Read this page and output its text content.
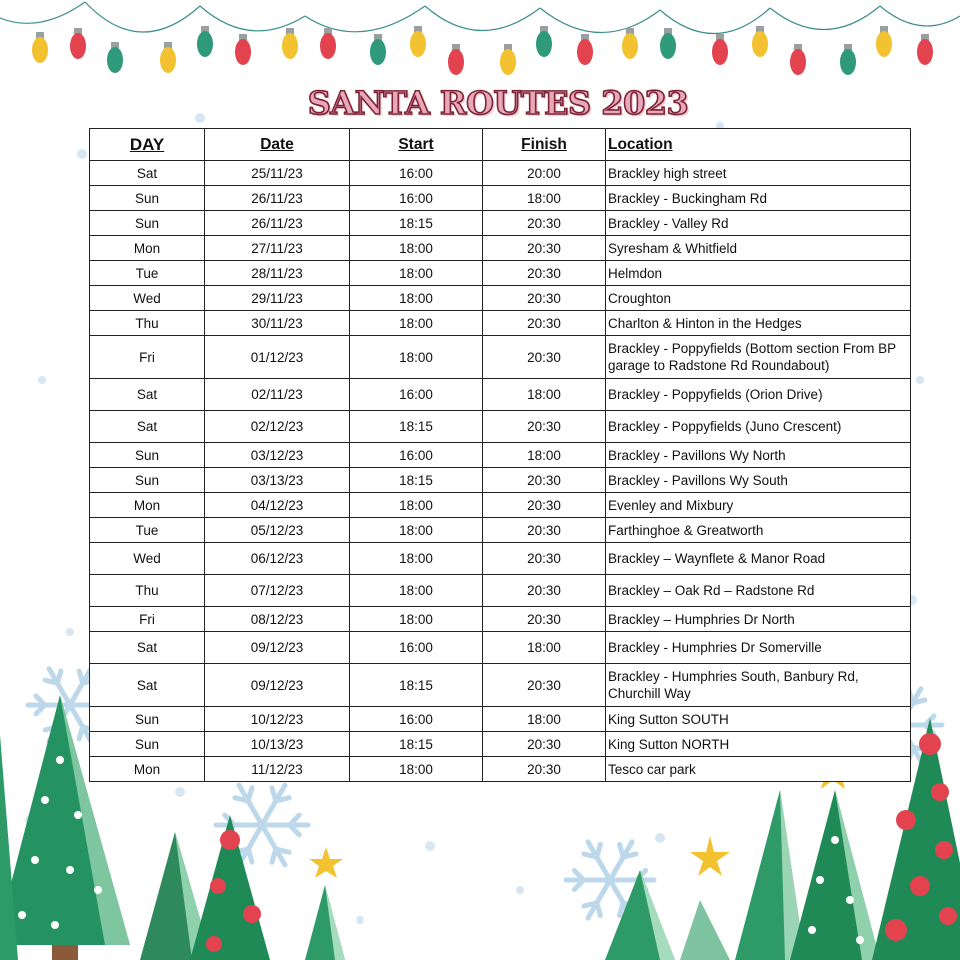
SANTA ROUTES 2023
DAY	Date	Start	Finish	Location
Sat	25/11/23	16:00	20:00	Brackley high street
Sun	26/11/23	16:00	18:00	Brackley - Buckingham Rd
Sun	26/11/23	18:15	20:30	Brackley - Valley Rd
Mon	27/11/23	18:00	20:30	Syresham & Whitfield
Tue	28/11/23	18:00	20:30	Helmdon
Wed	29/11/23	18:00	20:30	Croughton
Thu	30/11/23	18:00	20:30	Charlton & Hinton in the Hedges
Fri	01/12/23	18:00	20:30	Brackley - Poppyfields (Bottom section From BP garage to Radstone Rd Roundabout)
Sat	02/11/23	16:00	18:00	Brackley - Poppyfields (Orion Drive)
Sat	02/12/23	18:15	20:30	Brackley - Poppyfields (Juno Crescent)
Sun	03/12/23	16:00	18:00	Brackley - Pavillons Wy North
Sun	03/13/23	18:15	20:30	Brackley - Pavillons Wy South
Mon	04/12/23	18:00	20:30	Evenley and Mixbury
Tue	05/12/23	18:00	20:30	Farthinghoe & Greatworth
Wed	06/12/23	18:00	20:30	Brackley – Waynflete & Manor Road
Thu	07/12/23	18:00	20:30	Brackley – Oak Rd – Radstone Rd
Fri	08/12/23	18:00	20:30	Brackley – Humphries Dr North
Sat	09/12/23	16:00	18:00	Brackley - Humphries Dr Somerville
Sat	09/12/23	18:15	20:30	Brackley - Humphries South, Banbury Rd, Churchill Way
Sun	10/12/23	16:00	18:00	King Sutton SOUTH
Sun	10/13/23	18:15	20:30	King Sutton NORTH
Mon	11/12/23	18:00	20:30	Tesco car park
